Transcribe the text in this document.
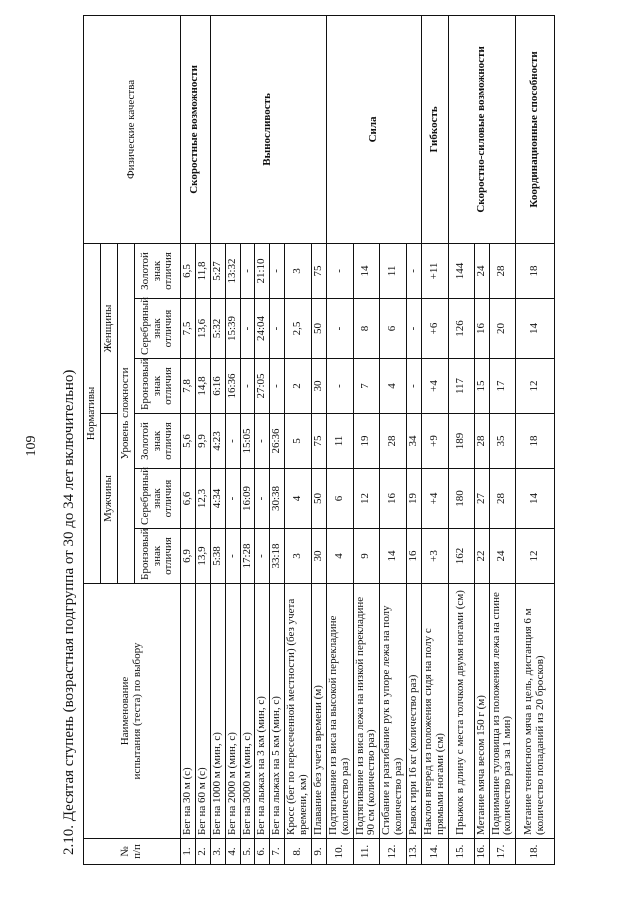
109	2.10. Десятая ступень (возрастная подгруппа от 30 до 34 лет включительно)	№ п/п	Наименование
испытания (теста) по выбору	Нормативы						Физические качества
		Мужчины			Женщины			
		Уровень сложности						
		Бронзовый знак отличия	Серебряный знак отличия	Золотой знак отличия	Бронзовый знак отличия	Серебряный знак отличия	Золотой знак отличия	
1.	Бег на 30 м (с)	6,9	6,6	5,6	7,8	7,5	6,5	Скоростные возможности
2.	Бег на 60 м (с)	13,9	12,3	9,9	14,8	13,6	11,8	
3.	Бег на 1000 м (мин, с)	5:38	4:34	4:23	6:16	5:32	5:27	Выносливость
4.	Бег на 2000 м (мин, с)	-	-	-	16:36	15:39	13:32	
5.	Бег на 3000 м (мин, с)	17:28	16:09	15:05	-	-	-	
6.	Бег на лыжах на 3 км (мин, с)	-	-	-	27:05	24:04	21:10	
7.	Бег на лыжах на 5 км (мин, с)	33:18	30:38	26:36	-	-	-	
8.	Кросс (бег по пересеченной местности) (без учета времени, км)	3	4	5	2	2,5	3	
9.	Плавание без учета времени (м)	30	50	75	30	50	75	
10.	Подтягивание из виса на высокой перекладине (количество раз)	4	6	11	-	-	-	Сила
11.	Подтягивание из виса лежа на низкой перекладине 90 см (количество раз)	9	12	19	7	8	14	
12.	Сгибание и разгибание рук в упоре лежа на полу (количество раз)	14	16	28	4	6	11	
13.	Рывок гири 16 кг (количество раз)	16	19	34	-	-	-	
14.	Наклон вперед из положения сидя на полу с прямыми ногами (см)	+3	+4	+9	+4	+6	+11	Гибкость
15.	Прыжок в длину с места толчком двумя ногами (см)	162	180	189	117	126	144	Скоростно-силовые возможности
16.	Метание мяча весом 150 г (м)	22	27	28	15	16	24	
17.	Поднимание туловища из положения лежа на спине (количество раз за 1 мин)	24	28	35	17	20	28	
18.	Метание теннисного мяча в цель, дистанция 6 м (количество попаданий из 20 бросков)	12	14	18	12	14	18	Координационные способности
